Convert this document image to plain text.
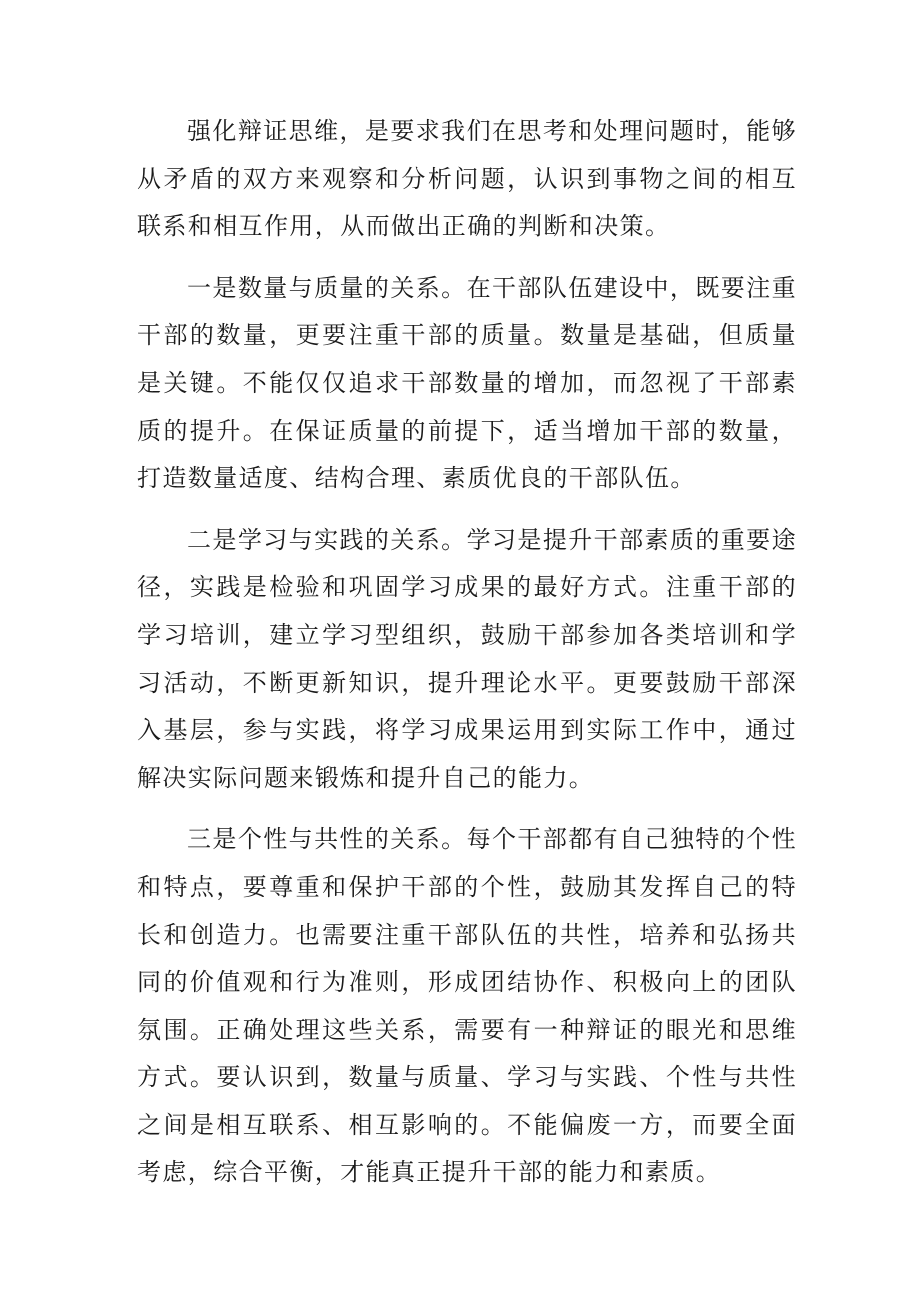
强化辩证思维，是要求我们在思考和处理问题时，能够从矛盾的双方来观察和分析问题，认识到事物之间的相互联系和相互作用，从而做出正确的判断和决策。

一是数量与质量的关系。在干部队伍建设中，既要注重干部的数量，更要注重干部的质量。数量是基础，但质量是关键。不能仅仅追求干部数量的增加，而忽视了干部素质的提升。在保证质量的前提下，适当增加干部的数量，打造数量适度、结构合理、素质优良的干部队伍。

二是学习与实践的关系。学习是提升干部素质的重要途径，实践是检验和巩固学习成果的最好方式。注重干部的学习培训，建立学习型组织，鼓励干部参加各类培训和学习活动，不断更新知识，提升理论水平。更要鼓励干部深入基层，参与实践，将学习成果运用到实际工作中，通过解决实际问题来锻炼和提升自己的能力。

三是个性与共性的关系。每个干部都有自己独特的个性和特点，要尊重和保护干部的个性，鼓励其发挥自己的特长和创造力。也需要注重干部队伍的共性，培养和弘扬共同的价值观和行为准则，形成团结协作、积极向上的团队氛围。正确处理这些关系，需要有一种辩证的眼光和思维方式。要认识到，数量与质量、学习与实践、个性与共性之间是相互联系、相互影响的。不能偏废一方，而要全面考虑，综合平衡，才能真正提升干部的能力和素质。
